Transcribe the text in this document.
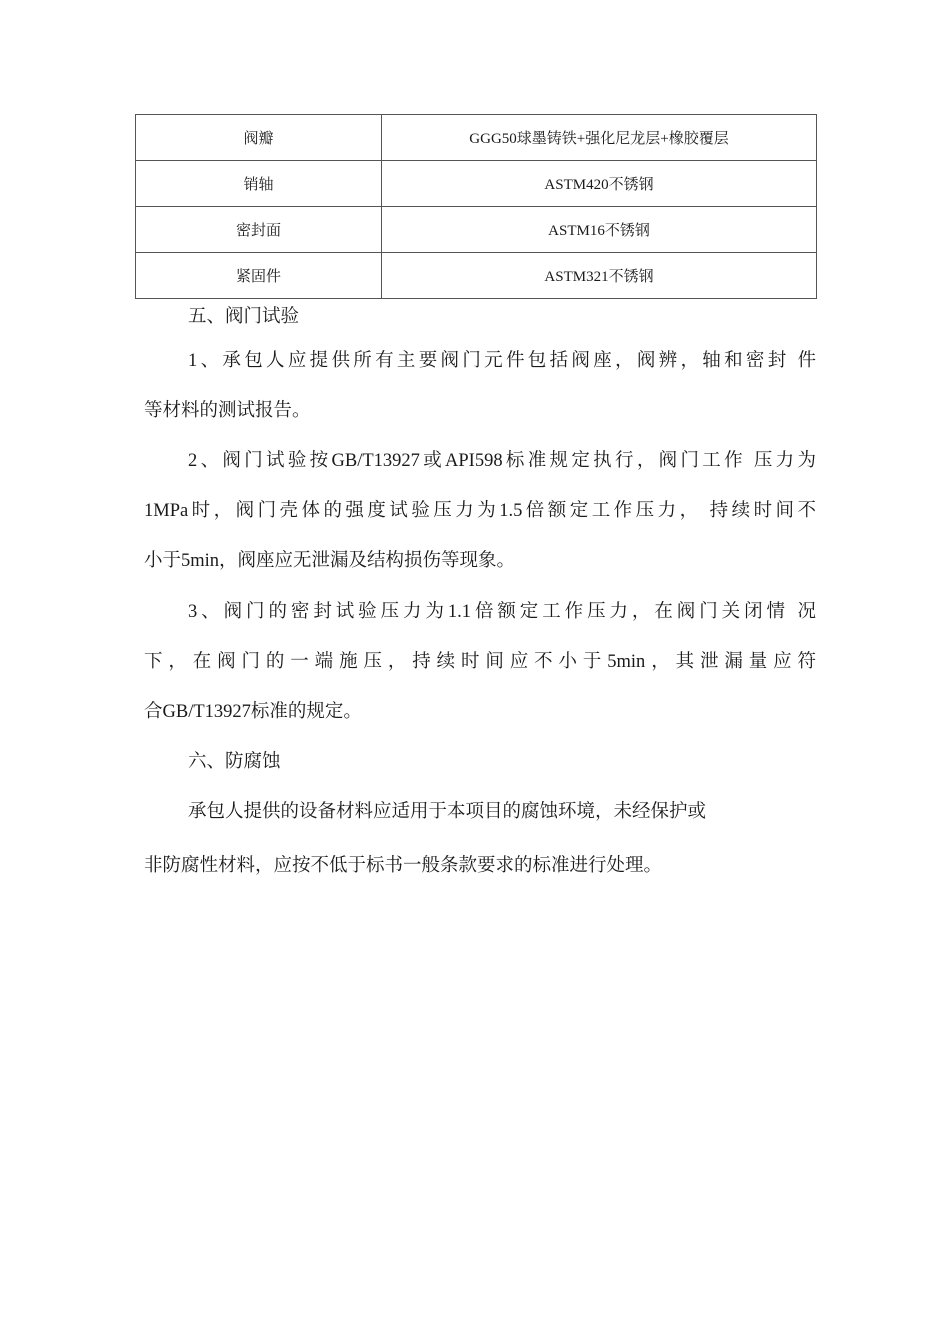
阀瓣	GGG50球墨铸铁+强化尼龙层+橡胶覆层
销轴	ASTM420不锈钢
密封面	ASTM16不锈钢
紧固件	ASTM321不锈钢
五、阀门试验
1、承包人应提供所有主要阀门元件包括阀座，阀辨，轴和密封 件
等材料的测试报告。
2、阀门试验按GB/T13927或API598标准规定执行，阀门工作 压力为
1MPa时，阀门壳体的强度试验压力为1.5倍额定工作压力， 持续时间不
小于5min，阀座应无泄漏及结构损伤等现象。
3、阀门的密封试验压力为1.1倍额定工作压力，在阀门关闭情 况
下，在阀门的一端施压，持续时间应不小于5min，其泄漏量应符
合GB/T13927标准的规定。
六、防腐蚀
承包人提供的设备材料应适用于本项目的腐蚀环境，未经保护或
非防腐性材料，应按不低于标书一般条款要求的标准进行处理。
